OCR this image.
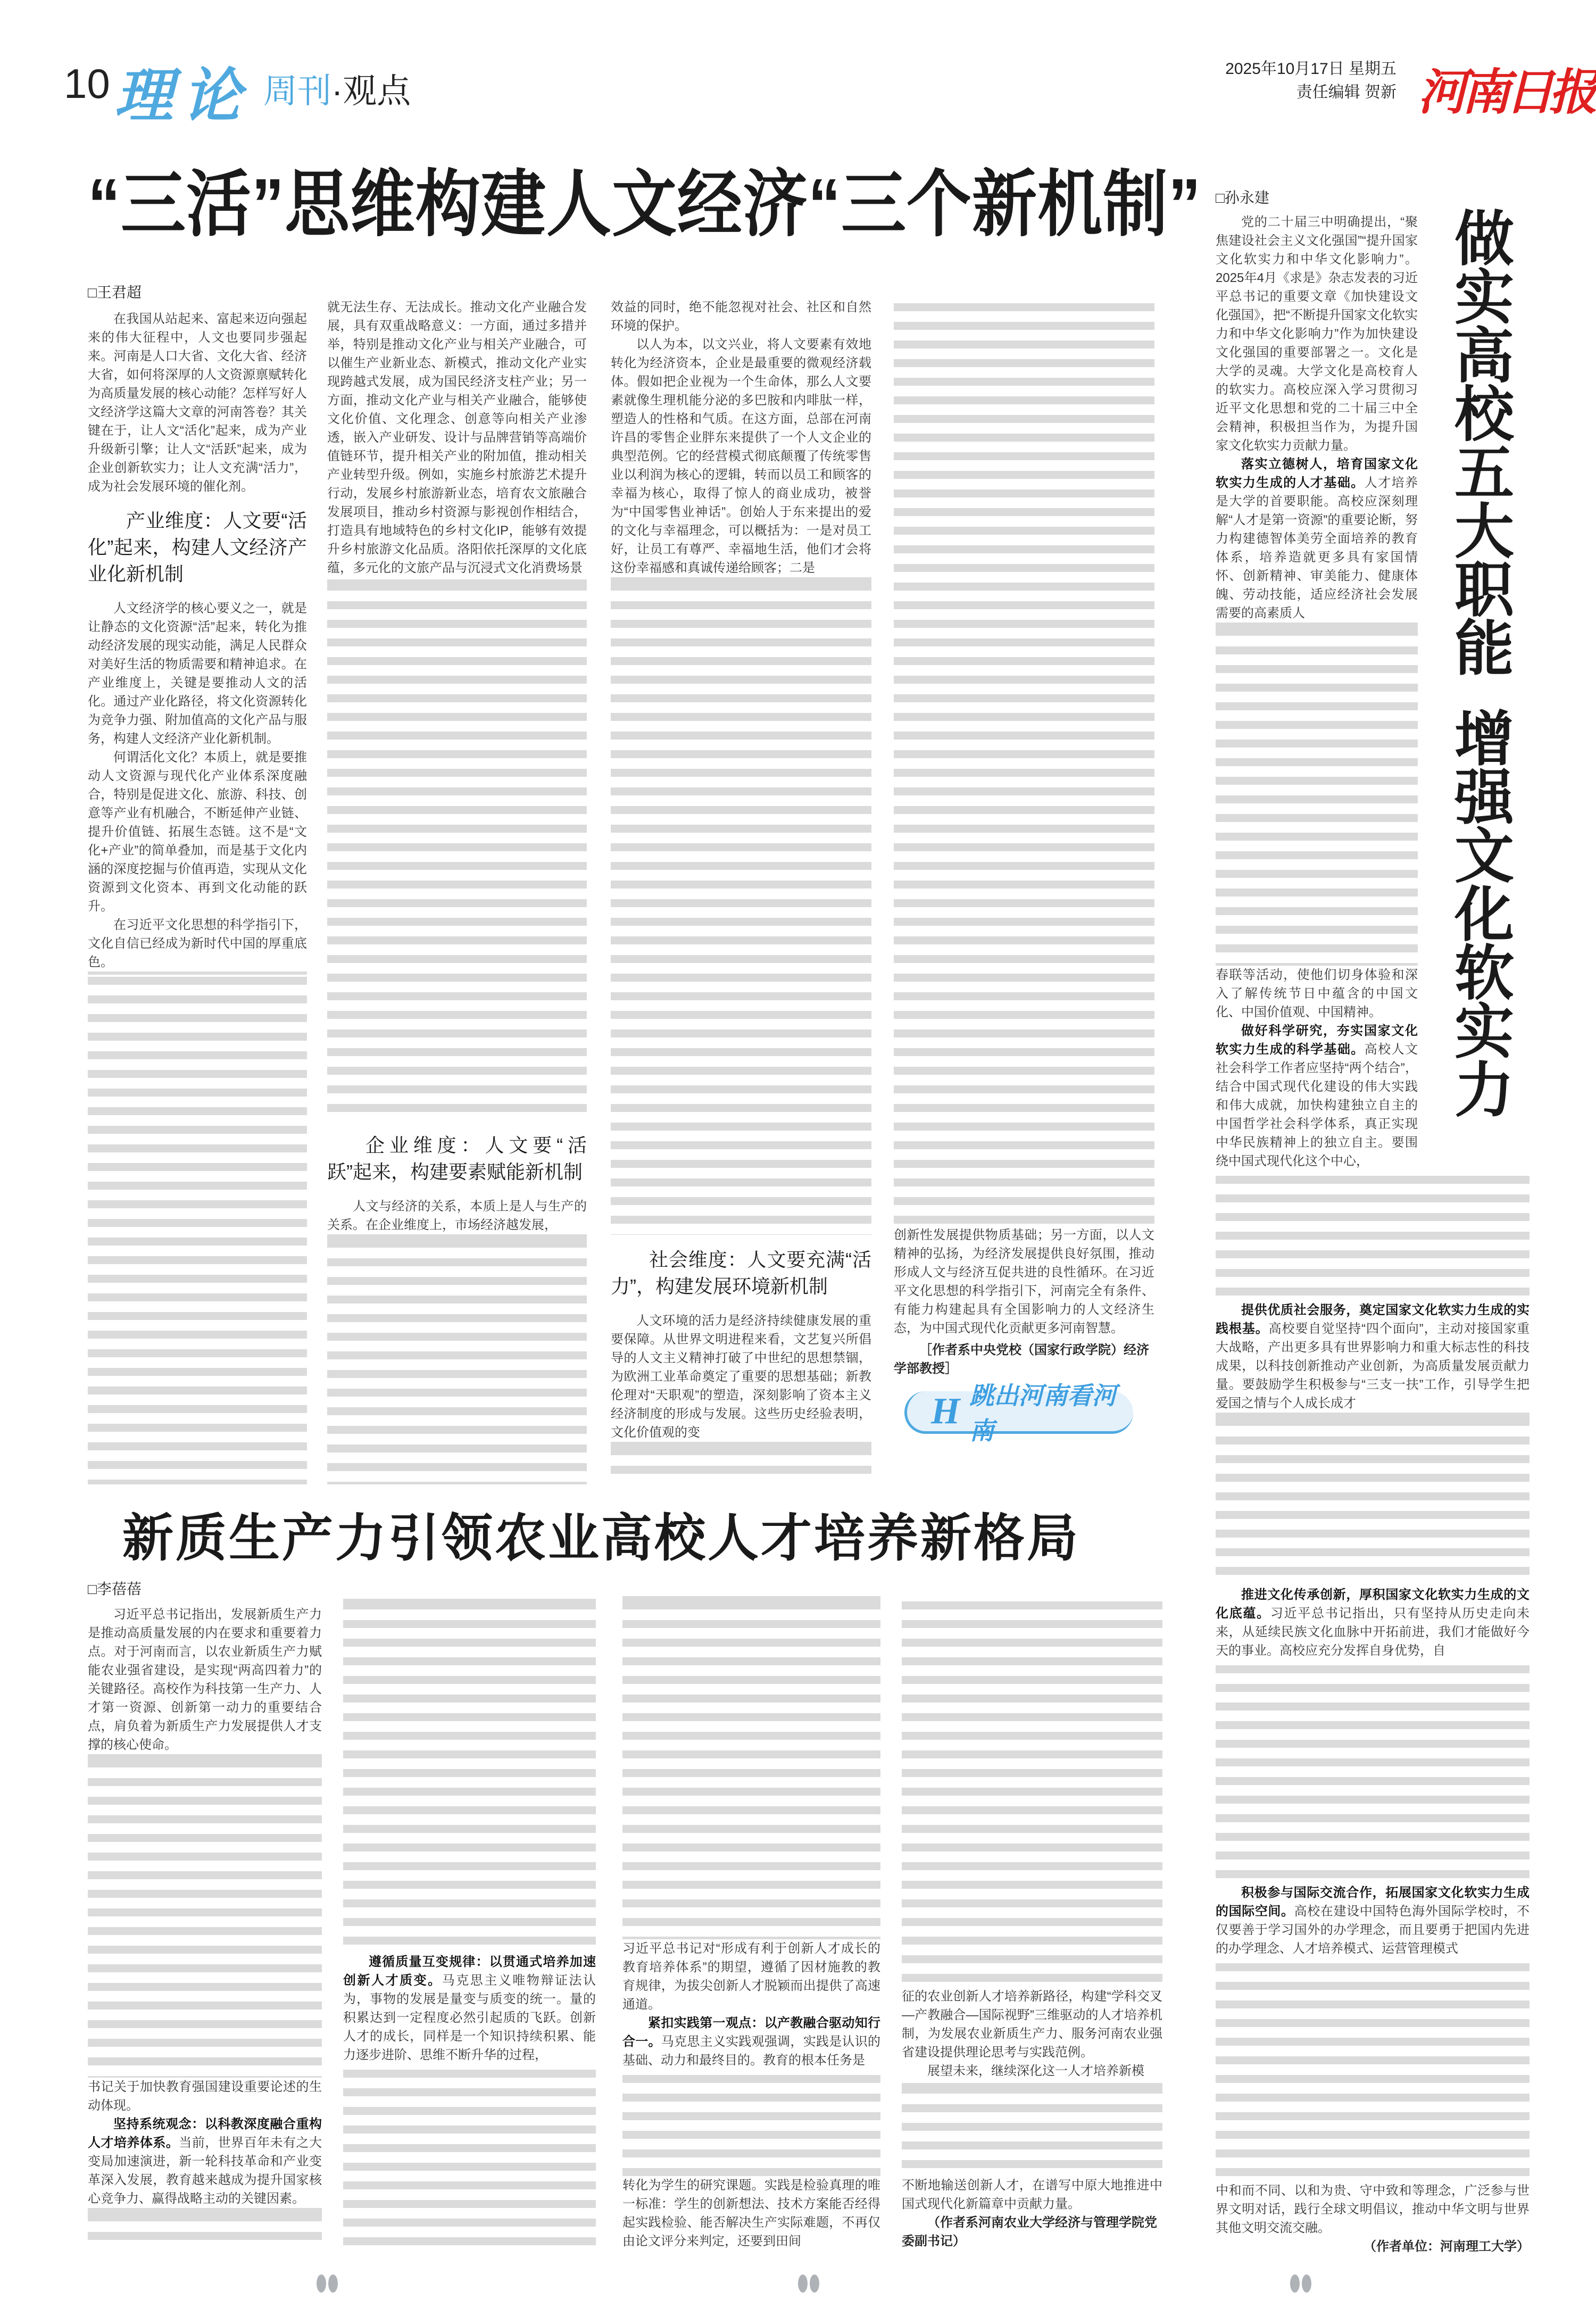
10 理论 周刊·观点
2025年10月17日 星期五
责任编辑 贺新 河南日报
“三活”思维构建人文经济“三个新机制”
□王君超

在我国从站起来、富起来迈向强起来的伟大征程中，人文也要同步强起来。河南是人口大省、文化大省、经济大省，如何将深厚的人文资源禀赋转化为高质量发展的核心动能？怎样写好人文经济学这篇大文章的河南答卷？其关键在于，让人文“活化”起来，成为产业升级新引擎；让人文“活跃”起来，成为企业创新软实力；让人文充满“活力”，成为社会发展环境的催化剂。

产业维度：人文要“活化”起来，构建人文经济产业化新机制

人文经济学的核心要义之一，就是让静态的文化资源“活”起来，转化为推动经济发展的现实动能，满足人民群众对美好生活的物质需要和精神追求。在产业维度上，关键是要推动人文的活化。通过产业化路径，将文化资源转化为竞争力强、附加值高的文化产品与服务，构建人文经济产业化新机制。

何谓活化文化？本质上，就是要推动人文资源与现代化产业体系深度融合，特别是促进文化、旅游、科技、创意等产业有机融合，不断延伸产业链、提升价值链、拓展生态链。这不是“文化+产业”的简单叠加，而是基于文化内涵的深度挖掘与价值再造，实现从文化资源到文化资本、再到文化动能的跃升。

在习近平文化思想的科学指引下，文化自信已经成为新时代中国的厚重底色。

就无法生存、无法成长。推动文化产业融合发展，具有双重战略意义：一方面，通过多措并举，特别是推动文化产业与相关产业融合，可以催生产业新业态、新模式，推动文化产业实现跨越式发展，成为国民经济支柱产业；另一方面，推动文化产业与相关产业融合，能够使文化价值、文化理念、创意等向相关产业渗透，嵌入产业研发、设计与品牌营销等高端价值链环节，提升相关产业的附加值，推动相关产业转型升级。例如，实施乡村旅游艺术提升行动，发展乡村旅游新业态，培育农文旅融合发展项目，推动乡村资源与影视创作相结合，打造具有地域特色的乡村文化IP，能够有效提升乡村旅游文化品质。洛阳依托深厚的文化底蕴，多元化的文旅产品与沉浸式文化消费场景

企业维度：人文要“活跃”起来，构建要素赋能新机制

人文与经济的关系，本质上是人与生产的关系。在企业维度上，市场经济越发展，

效益的同时，绝不能忽视对社会、社区和自然环境的保护。

以人为本，以文兴业，将人文要素有效地转化为经济资本，企业是最重要的微观经济载体。假如把企业视为一个生命体，那么人文要素就像生理机能分泌的多巴胺和内啡肽一样，塑造人的性格和气质。在这方面，总部在河南许昌的零售企业胖东来提供了一个人文企业的典型范例。它的经营模式彻底颠覆了传统零售业以利润为核心的逻辑，转而以员工和顾客的幸福为核心，取得了惊人的商业成功，被誉为“中国零售业神话”。创始人于东来提出的爱的文化与幸福理念，可以概括为：一是对员工好，让员工有尊严、幸福地生活，他们才会将这份幸福感和真诚传递给顾客；二是

社会维度：人文要充满“活力”，构建发展环境新机制

人文环境的活力是经济持续健康发展的重要保障。从世界文明进程来看，文艺复兴所倡导的人文主义精神打破了中世纪的思想禁锢，为欧洲工业革命奠定了重要的思想基础；新教伦理对“天职观”的塑造，深刻影响了资本主义经济制度的形成与发展。这些历史经验表明，文化价值观的变

创新性发展提供物质基础；另一方面，以人文精神的弘扬，为经济发展提供良好氛围，推动形成人文与经济互促共进的良性循环。在习近平文化思想的科学指引下，河南完全有条件、有能力构建起具有全国影响力的人文经济生态，为中国式现代化贡献更多河南智慧。

［作者系中央党校（国家行政学院）经济学部教授］
H 跳出河南看河南
□孙永建
做
实
高
校
五
大
职
能
增
强
文
化
软
实
力

党的二十届三中明确提出，“聚焦建设社会主义文化强国”“提升国家文化软实力和中华文化影响力”。2025年4月《求是》杂志发表的习近平总书记的重要文章《加快建设文化强国》，把“不断提升国家文化软实力和中华文化影响力”作为加快建设文化强国的重要部署之一。文化是大学的灵魂。大学文化是高校育人的软实力。高校应深入学习贯彻习近平文化思想和党的二十届三中全会精神，积极担当作为，为提升国家文化软实力贡献力量。

落实立德树人，培育国家文化软实力生成的人才基础。人才培养是大学的首要职能。高校应深刻理解“人才是第一资源”的重要论断，努力构建德智体美劳全面培养的教育体系，培养造就更多具有家国情怀、创新精神、审美能力、健康体魄、劳动技能，适应经济社会发展需要的高素质人

春联等活动，使他们切身体验和深入了解传统节日中蕴含的中国文化、中国价值观、中国精神。

做好科学研究，夯实国家文化软实力生成的科学基础。高校人文社会科学工作者应坚持“两个结合”，结合中国式现代化建设的伟大实践和伟大成就，加快构建独立自主的中国哲学社会科学体系，真正实现中华民族精神上的独立自主。要围绕中国式现代化这个中心，

提供优质社会服务，奠定国家文化软实力生成的实践根基。高校要自觉坚持“四个面向”，主动对接国家重大战略，产出更多具有世界影响力和重大标志性的科技成果，以科技创新推动产业创新，为高质量发展贡献力量。要鼓励学生积极参与“三支一扶”工作，引导学生把爱国之情与个人成长成才

推进文化传承创新，厚积国家文化软实力生成的文化底蕴。习近平总书记指出，只有坚持从历史走向未来，从延续民族文化血脉中开拓前进，我们才能做好今天的事业。高校应充分发挥自身优势，自

积极参与国际交流合作，拓展国家文化软实力生成的国际空间。高校在建设中国特色海外国际学校时，不仅要善于学习国外的办学理念，而且要勇于把国内先进的办学理念、人才培养模式、运营管理模式

中和而不同、以和为贵、守中致和等理念，广泛参与世界文明对话，践行全球文明倡议，推动中华文明与世界其他文明交流交融。

（作者单位：河南理工大学）
新质生产力引领农业高校人才培养新格局
□李蓓蓓

习近平总书记指出，发展新质生产力是推动高质量发展的内在要求和重要着力点。对于河南而言，以农业新质生产力赋能农业强省建设，是实现“两高四着力”的关键路径。高校作为科技第一生产力、人才第一资源、创新第一动力的重要结合点，肩负着为新质生产力发展提供人才支撑的核心使命。

书记关于加快教育强国建设重要论述的生动体现。

坚持系统观念：以科教深度融合重构人才培养体系。当前，世界百年未有之大变局加速演进，新一轮科技革命和产业变革深入发展，教育越来越成为提升国家核心竞争力、赢得战略主动的关键因素。

遵循质量互变规律：以贯通式培养加速创新人才质变。马克思主义唯物辩证法认为，事物的发展是量变与质变的统一。量的积累达到一定程度必然引起质的飞跃。创新人才的成长，同样是一个知识持续积累、能力逐步进阶、思维不断升华的过程，

习近平总书记对“形成有利于创新人才成长的教育培养体系”的期望，遵循了因材施教的教育规律，为拔尖创新人才脱颖而出提供了高速通道。

紧扣实践第一观点：以产教融合驱动知行合一。马克思主义实践观强调，实践是认识的基础、动力和最终目的。教育的根本任务是

转化为学生的研究课题。实践是检验真理的唯一标准：学生的创新想法、技术方案能否经得起实践检验、能否解决生产实际难题，不再仅由论文评分来判定，还要到田间

征的农业创新人才培养新路径，构建“学科交叉—产教融合—国际视野”三维驱动的人才培养机制，为发展农业新质生产力、服务河南农业强省建设提供理论思考与实践范例。

展望未来，继续深化这一人才培养新模

不断地输送创新人才，在谱写中原大地推进中国式现代化新篇章中贡献力量。

（作者系河南农业大学经济与管理学院党委副书记）
